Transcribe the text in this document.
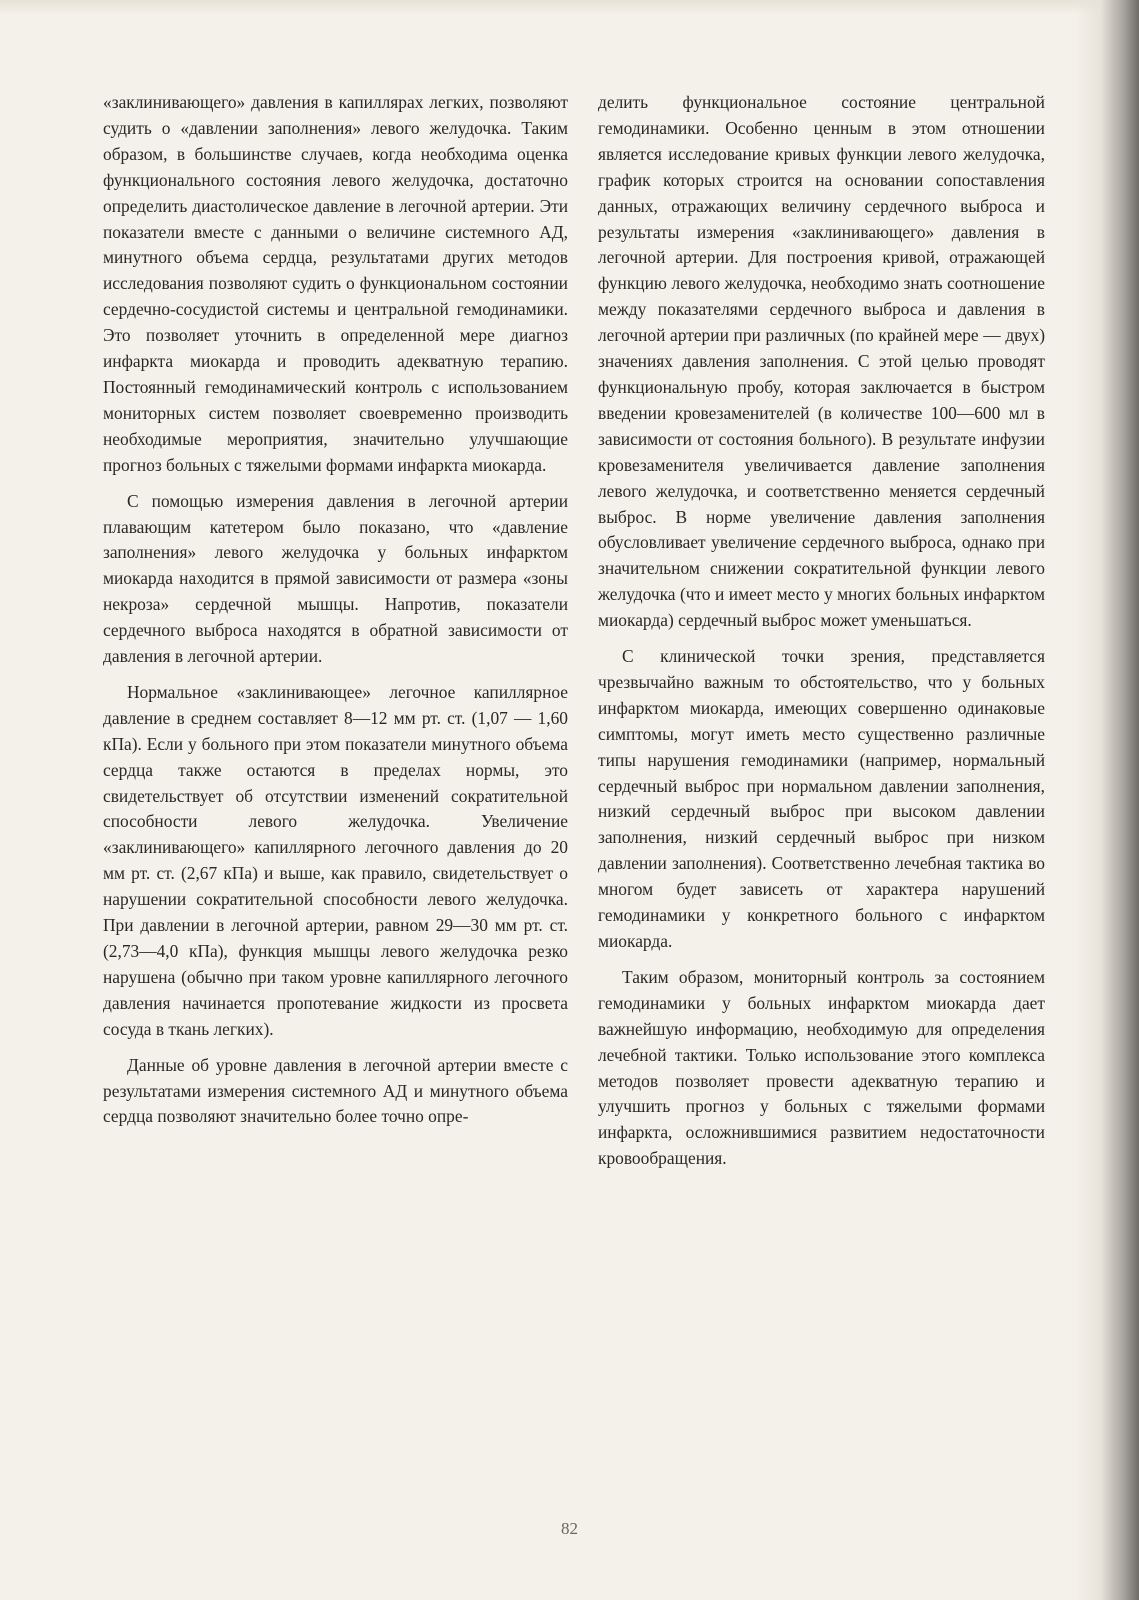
«заклинивающего» давления в капиллярах легких, позволяют судить о «давлении заполнения» левого желудочка. Таким образом, в большинстве случаев, когда необходима оценка функционального состояния левого желудочка, достаточно определить диастолическое давление в легочной артерии. Эти показатели вместе с данными о величине системного АД, минутного объема сердца, результатами других методов исследования позволяют судить о функциональном состоянии сердечно-сосудистой системы и центральной гемодинамики. Это позволяет уточнить в определенной мере диагноз инфаркта миокарда и проводить адекватную терапию. Постоянный гемодинамический контроль с использованием мониторных систем позволяет своевременно производить необходимые мероприятия, значительно улучшающие прогноз больных с тяжелыми формами инфаркта миокарда.

С помощью измерения давления в легочной артерии плавающим катетером было показано, что «давление заполнения» левого желудочка у больных инфарктом миокарда находится в прямой зависимости от размера «зоны некроза» сердечной мышцы. Напротив, показатели сердечного выброса находятся в обратной зависимости от давления в легочной артерии.

Нормальное «заклинивающее» легочное капиллярное давление в среднем составляет 8—12 мм рт. ст. (1,07 — 1,60 кПа). Если у больного при этом показатели минутного объема сердца также остаются в пределах нормы, это свидетельствует об отсутствии изменений сократительной способности левого желудочка. Увеличение «заклинивающего» капиллярного легочного давления до 20 мм рт. ст. (2,67 кПа) и выше, как правило, свидетельствует о нарушении сократительной способности левого желудочка. При давлении в легочной артерии, равном 29—30 мм рт. ст. (2,73—4,0 кПа), функция мышцы левого желудочка резко нарушена (обычно при таком уровне капиллярного легочного давления начинается пропотевание жидкости из просвета сосуда в ткань легких).

Данные об уровне давления в легочной артерии вместе с результатами измерения системного АД и минутного объема сердца позволяют значительно более точно опре-

делить функциональное состояние центральной гемодинамики. Особенно ценным в этом отношении является исследование кривых функции левого желудочка, график которых строится на основании сопоставления данных, отражающих величину сердечного выброса и результаты измерения «заклинивающего» давления в легочной артерии. Для построения кривой, отражающей функцию левого желудочка, необходимо знать соотношение между показателями сердечного выброса и давления в легочной артерии при различных (по крайней мере — двух) значениях давления заполнения. С этой целью проводят функциональную пробу, которая заключается в быстром введении кровезаменителей (в количестве 100—600 мл в зависимости от состояния больного). В результате инфузии кровезаменителя увеличивается давление заполнения левого желудочка, и соответственно меняется сердечный выброс. В норме увеличение давления заполнения обусловливает увеличение сердечного выброса, однако при значительном снижении сократительной функции левого желудочка (что и имеет место у многих больных инфарктом миокарда) сердечный выброс может уменьшаться.

С клинической точки зрения, представляется чрезвычайно важным то обстоятельство, что у больных инфарктом миокарда, имеющих совершенно одинаковые симптомы, могут иметь место существенно различные типы нарушения гемодинамики (например, нормальный сердечный выброс при нормальном давлении заполнения, низкий сердечный выброс при высоком давлении заполнения, низкий сердечный выброс при низком давлении заполнения). Соответственно лечебная тактика во многом будет зависеть от характера нарушений гемодинамики у конкретного больного с инфарктом миокарда.

Таким образом, мониторный контроль за состоянием гемодинамики у больных инфарктом миокарда дает важнейшую информацию, необходимую для определения лечебной тактики. Только использование этого комплекса методов позволяет провести адекватную терапию и улучшить прогноз у больных с тяжелыми формами инфаркта, осложнившимися развитием недостаточности кровообращения.

82
